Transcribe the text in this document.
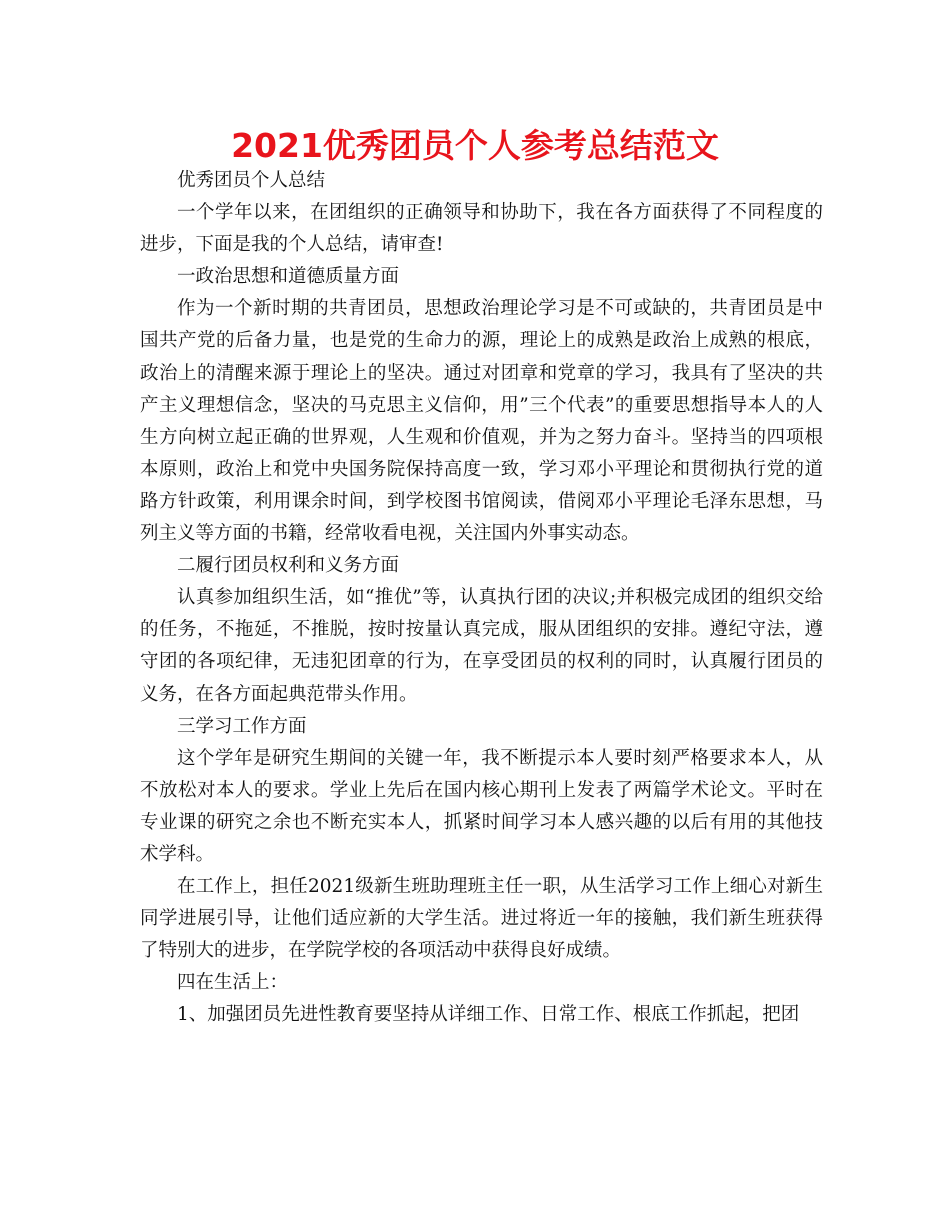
2021优秀团员个人参考总结范文

优秀团员个人总结

一个学年以来，在团组织的正确领导和协助下，我在各方面获得了不同程度的进步，下面是我的个人总结，请审查!

一政治思想和道德质量方面

作为一个新时期的共青团员，思想政治理论学习是不可或缺的，共青团员是中国共产党的后备力量，也是党的生命力的源，理论上的成熟是政治上成熟的根底，政治上的清醒来源于理论上的坚决。通过对团章和党章的学习，我具有了坚决的共产主义理想信念，坚决的马克思主义信仰，用”三个代表”的重要思想指导本人的人生方向树立起正确的世界观，人生观和价值观，并为之努力奋斗。坚持当的四项根本原则，政治上和党中央国务院保持高度一致，学习邓小平理论和贯彻执行党的道路方针政策，利用课余时间，到学校图书馆阅读，借阅邓小平理论毛泽东思想，马列主义等方面的书籍，经常收看电视，关注国内外事实动态。

二履行团员权利和义务方面

认真参加组织生活，如“推优”等，认真执行团的决议;并积极完成团的组织交给的任务，不拖延，不推脱，按时按量认真完成，服从团组织的安排。遵纪守法，遵守团的各项纪律，无违犯团章的行为，在享受团员的权利的同时，认真履行团员的义务，在各方面起典范带头作用。

三学习工作方面

这个学年是研究生期间的关键一年，我不断提示本人要时刻严格要求本人，从不放松对本人的要求。学业上先后在国内核心期刊上发表了两篇学术论文。平时在专业课的研究之余也不断充实本人，抓紧时间学习本人感兴趣的以后有用的其他技术学科。

在工作上，担任2021级新生班助理班主任一职，从生活学习工作上细心对新生同学进展引导，让他们适应新的大学生活。进过将近一年的接触，我们新生班获得了特别大的进步，在学院学校的各项活动中获得良好成绩。

四在生活上：

1、加强团员先进性教育要坚持从详细工作、日常工作、根底工作抓起，把团
